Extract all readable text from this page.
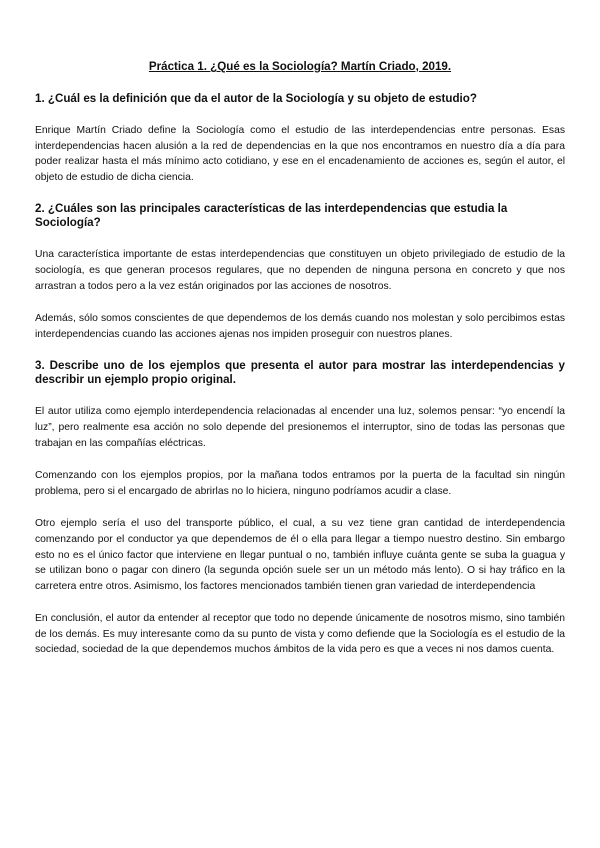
Práctica 1. ¿Qué es la Sociología? Martín Criado, 2019.
1. ¿Cuál es la definición que da el autor de la Sociología y su objeto de estudio?

Enrique Martín Criado define la Sociología como el estudio de las interdependencias entre personas. Esas interdependencias hacen alusión a la red de dependencias en la que nos encontramos en nuestro día a día para poder realizar hasta el más mínimo acto cotidiano, y ese en el encadenamiento de acciones es, según el autor, el objeto de estudio de dicha ciencia.

2. ¿Cuáles son las principales características de las interdependencias que estudia la Sociología?

Una característica importante de estas interdependencias que constituyen un objeto privilegiado de estudio de la sociología, es que generan procesos regulares, que no dependen de ninguna persona en concreto y que nos arrastran a todos pero a la vez están originados por las acciones de nosotros.

Además, sólo somos conscientes de que dependemos de los demás cuando nos molestan y solo percibimos estas interdependencias cuando las acciones ajenas nos impiden proseguir con nuestros planes.

3. Describe uno de los ejemplos que presenta el autor para mostrar las interdependencias y describir un ejemplo propio original.

El autor utiliza como ejemplo interdependencia relacionadas al encender una luz, solemos pensar: “yo encendí la luz”, pero realmente esa acción no solo depende del presionemos el interruptor, sino de todas las personas que trabajan en las compañías eléctricas.

Comenzando con los ejemplos propios, por la mañana todos entramos por la puerta de la facultad sin ningún problema, pero si el encargado de abrirlas no lo hiciera, ninguno podríamos acudir a clase.

Otro ejemplo sería el uso del transporte público, el cual, a su vez tiene gran cantidad de interdependencia comenzando por el conductor ya que dependemos de él o ella para llegar a tiempo nuestro destino. Sin embargo esto no es el único factor que interviene en llegar puntual o no, también influye cuánta gente se suba la guagua y se utilizan bono o pagar con dinero (la segunda opción suele ser un un método más lento). O si hay tráfico en la carretera entre otros. Asimismo, los factores mencionados también tienen gran variedad de interdependencia

En conclusión, el autor da entender al receptor que todo no depende únicamente de nosotros mismo, sino también de los demás. Es muy interesante como da su punto de vista y como defiende que la Sociología es el estudio de la sociedad, sociedad de la que dependemos muchos ámbitos de la vida pero es que a veces ni nos damos cuenta.
